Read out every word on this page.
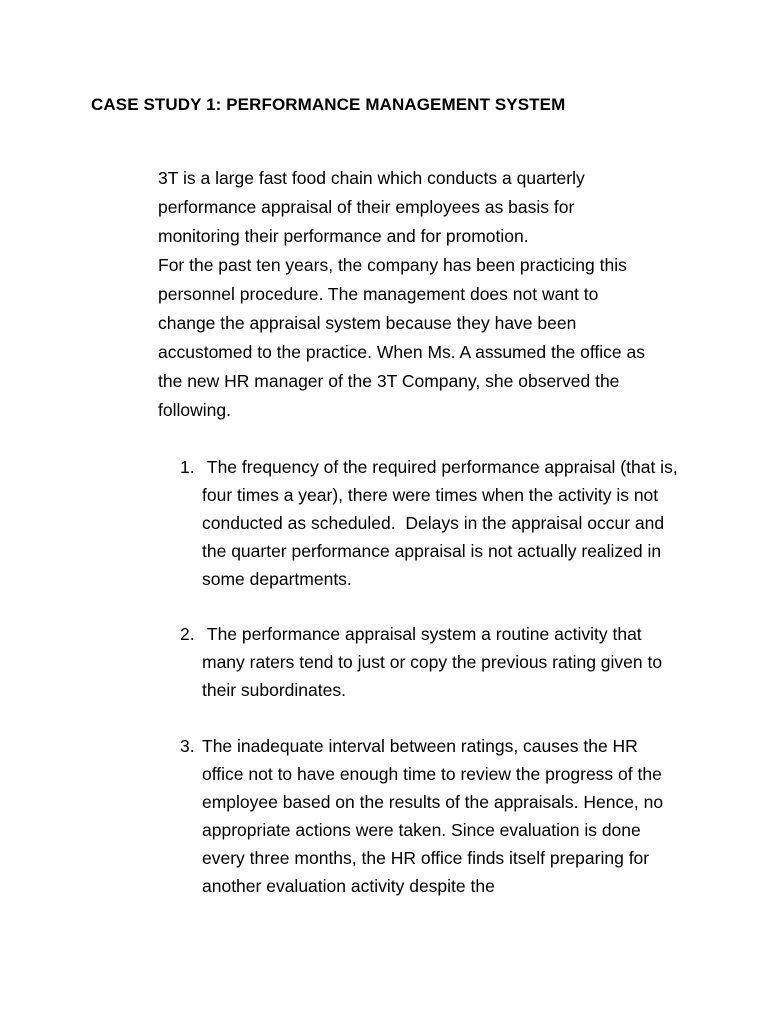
CASE STUDY 1: PERFORMANCE MANAGEMENT SYSTEM

3T is a large fast food chain which conducts a quarterly performance appraisal of their employees as basis for monitoring their performance and for promotion.

For the past ten years, the company has been practicing this personnel procedure. The management does not want to change the appraisal system because they have been accustomed to the practice. When Ms. A assumed the office as the new HR manager of the 3T Company, she observed the following.

1. The frequency of the required performance appraisal (that is, four times a year), there were times when the activity is not conducted as scheduled.  Delays in the appraisal occur and the quarter performance appraisal is not actually realized in some departments.
2. The performance appraisal system a routine activity that many raters tend to just or copy the previous rating given to their subordinates.
3. The inadequate interval between ratings, causes the HR office not to have enough time to review the progress of the employee based on the results of the appraisals. Hence, no appropriate actions were taken. Since evaluation is done every three months, the HR office finds itself preparing for another evaluation activity despite the
